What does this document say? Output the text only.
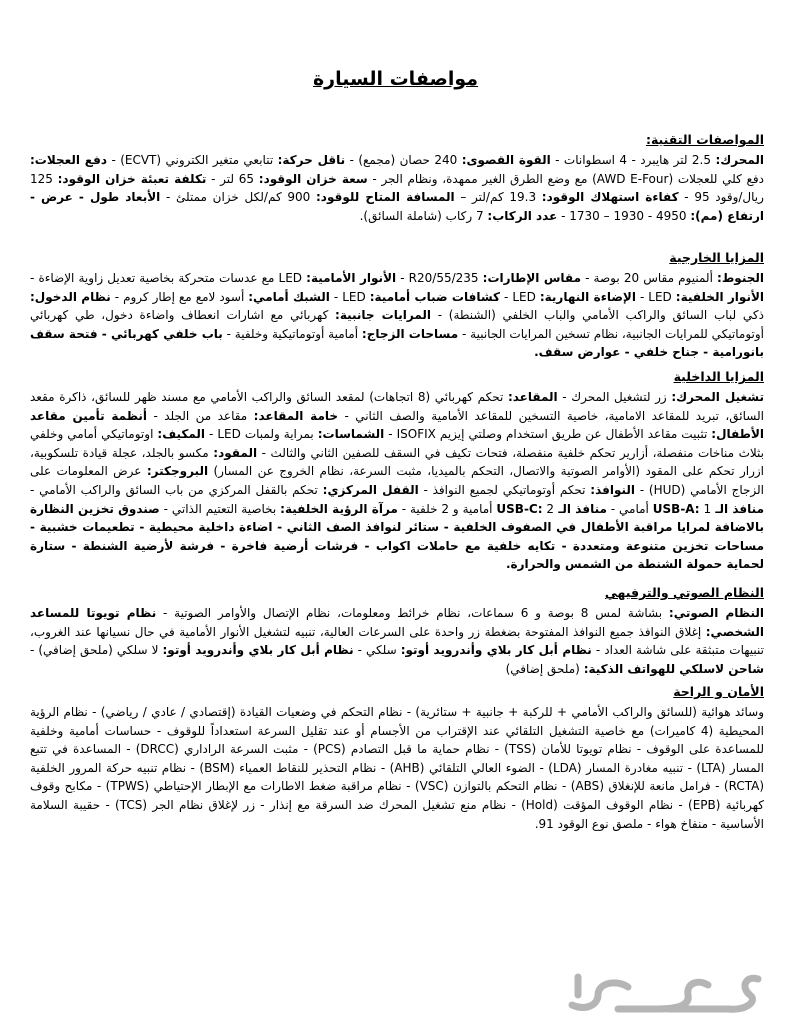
مواصفات السيارة
المواصفات التقنية:
المحرك: 2.5 لتر هايبرد - 4 اسطوانات - القوة القصوى: 240 حصان (مجمع) - ناقل حركة: تتابعي متغير الكتروني (ECVT) - دفع العجلات: دفع كلي للعجلات (AWD E-Four) مع وضع الطرق الغير ممهدة، ونظام الجر - سعة خزان الوقود: 65 لتر - تكلفة تعبئة خزان الوقود: 125 ريال/وقود 95 - كفاءة استهلاك الوقود: 19.3 كم/لتر – المسافة المتاح للوقود: 900 كم/لكل خزان ممتلئ - الأبعاد طول - عرض - ارتفاع (مم): 4950 - 1930 – 1730 - عدد الركاب: 7 ركاب (شاملة السائق).
المزايا الخارجية
الجنوط: ألمنيوم مقاس 20 بوصة - مقاس الإطارات: R20/55/235 - الأنوار الأمامية: LED مع عدسات متحركة بخاصية تعديل زاوية الإضاءة - الأنوار الخلفية: LED - الإضاءة النهارية: LED - كشافات ضباب أمامية: LED - الشبك أمامي: أسود لامع مع إطار كروم - نظام الدخول: ذكي لباب السائق والراكب الأمامي والباب الخلفي (الشنطة) - المرايات جانبية: كهربائي مع اشارات انعطاف واضاءة دخول، طي كهربائي أوتوماتيكي للمرايات الجانبية، نظام تسخين المرايات الجانبية - مساحات الزجاج: أمامية أوتوماتيكية وخلفية - باب خلفي كهربائي - فتحة سقف بانورامية - جناح خلفي - عوارض سقف.
المزايا الداخلية
تشغيل المحرك: زر لتشغيل المحرك - المقاعد: تحكم كهربائي (8 اتجاهات) لمقعد السائق والراكب الأمامي مع مسند ظهر للسائق، ذاكرة مقعد السائق، تبريد للمقاعد الامامية، خاصية التسخين للمقاعد الأمامية والصف الثاني - خامة المقاعد: مقاعد من الجلد - أنظمة تأمين مقاعد الأطفال: تثبيت مقاعد الأطفال عن طريق استخدام وصلتي إيزيم ISOFIX - الشماسات: بمراية ولمبات LED - المكيف: اوتوماتيكي أمامي وخلفي بثلاث مناخات منفصلة، أزارير تحكم خلفية منفصلة، فتحات تكيف في السقف للصفين الثاني والثالث - المقود: مكسو بالجلد، عجلة قيادة تلسكوبية، ازرار تحكم على المقود (الأوامر الصوتية والاتصال، التحكم بالميديا، مثبت السرعة، نظام الخروج عن المسار) البروجكتر: عرض المعلومات على الزجاج الأمامي (HUD) - النوافذ: تحكم أوتوماتيكي لجميع النوافذ - القفل المركزي: تحكم بالقفل المركزي من باب السائق والراكب الأمامي - منافذ الـ USB-A: 1 أمامي - منافذ الـ USB-C: 2 أمامية و 2 خلفية - مرآة الرؤية الخلفية: بخاصية التعتيم الذاتي - صندوق تخزين النظارة بالاضافة لمرايا مراقبة الأطفال في الصفوف الخلفية - ستائر لنوافذ الصف الثاني - اضاءة داخلية محيطية - تطعيمات خشبية - مساحات تخزين متنوعة ومتعددة - تكايه خلفية مع حاملات اكواب - فرشات أرضية فاخرة - فرشة لأرضية الشنطة - ستارة لحماية حمولة الشنطة من الشمس والحرارة.
النظام الصوتي والترفيهي
النظام الصوتي: بشاشة لمس 8 بوصة و 6 سماعات، نظام خرائط ومعلومات، نظام الإتصال والأوامر الصوتية - نظام تويوتا للمساعد الشخصي: إغلاق النوافذ جميع النوافذ المفتوحة بضغطة زر واحدة على السرعات العالية، تنبيه لتشغيل الأنوار الأمامية في حال نسيانها عند الغروب، تنبيهات متبثقة على شاشة العداد - نظام أبل كار بلاي وأندرويد أوتو: سلكي - نظام أبل كار بلاي وأندرويد أوتو: لا سلكي (ملحق إضافي) - شاحن لاسلكي للهواتف الذكية: (ملحق إضافي)
الأمان و الراحة
وسائد هوائية (للسائق والراكب الأمامي + للركبة + جانبية + ستائرية) - نظام التحكم في وضعيات القيادة (إقتصادي / عادي / رياضي) - نظام الرؤية المحيطية (4 كاميرات) مع خاصية التشغيل التلقائي عند الإقتراب من الأجسام أو عند تقليل السرعة استعداداً للوقوف - حساسات أمامية وخلفية للمساعدة على الوقوف - نظام تويوتا للأمان (TSS) - نظام حماية ما قبل التصادم (PCS) - مثبت السرعة الراداري (DRCC) - المساعدة في تتبع المسار (LTA) - تنبيه مغادرة المسار (LDA) - الضوء العالي التلقائي (AHB) - نظام التحذير للنقاط العمياء (BSM) - نظام تنبيه حركة المرور الخلفية (RCTA) - فرامل مانعة للإنغلاق (ABS) - نظام التحكم بالتوازن (VSC) - نظام مراقبة ضغط الاطارات مع الإبطار الإحتياطي (TPWS) - مكابح وقوف كهربائية (EPB) - نظام الوقوف المؤقت (Hold) - نظام منع تشغيل المحرك ضد السرقة مع إنذار - زر لإغلاق نظام الجر (TCS) - حقيبة السلامة الأساسية - منفاخ هواء - ملصق نوع الوقود 91.
